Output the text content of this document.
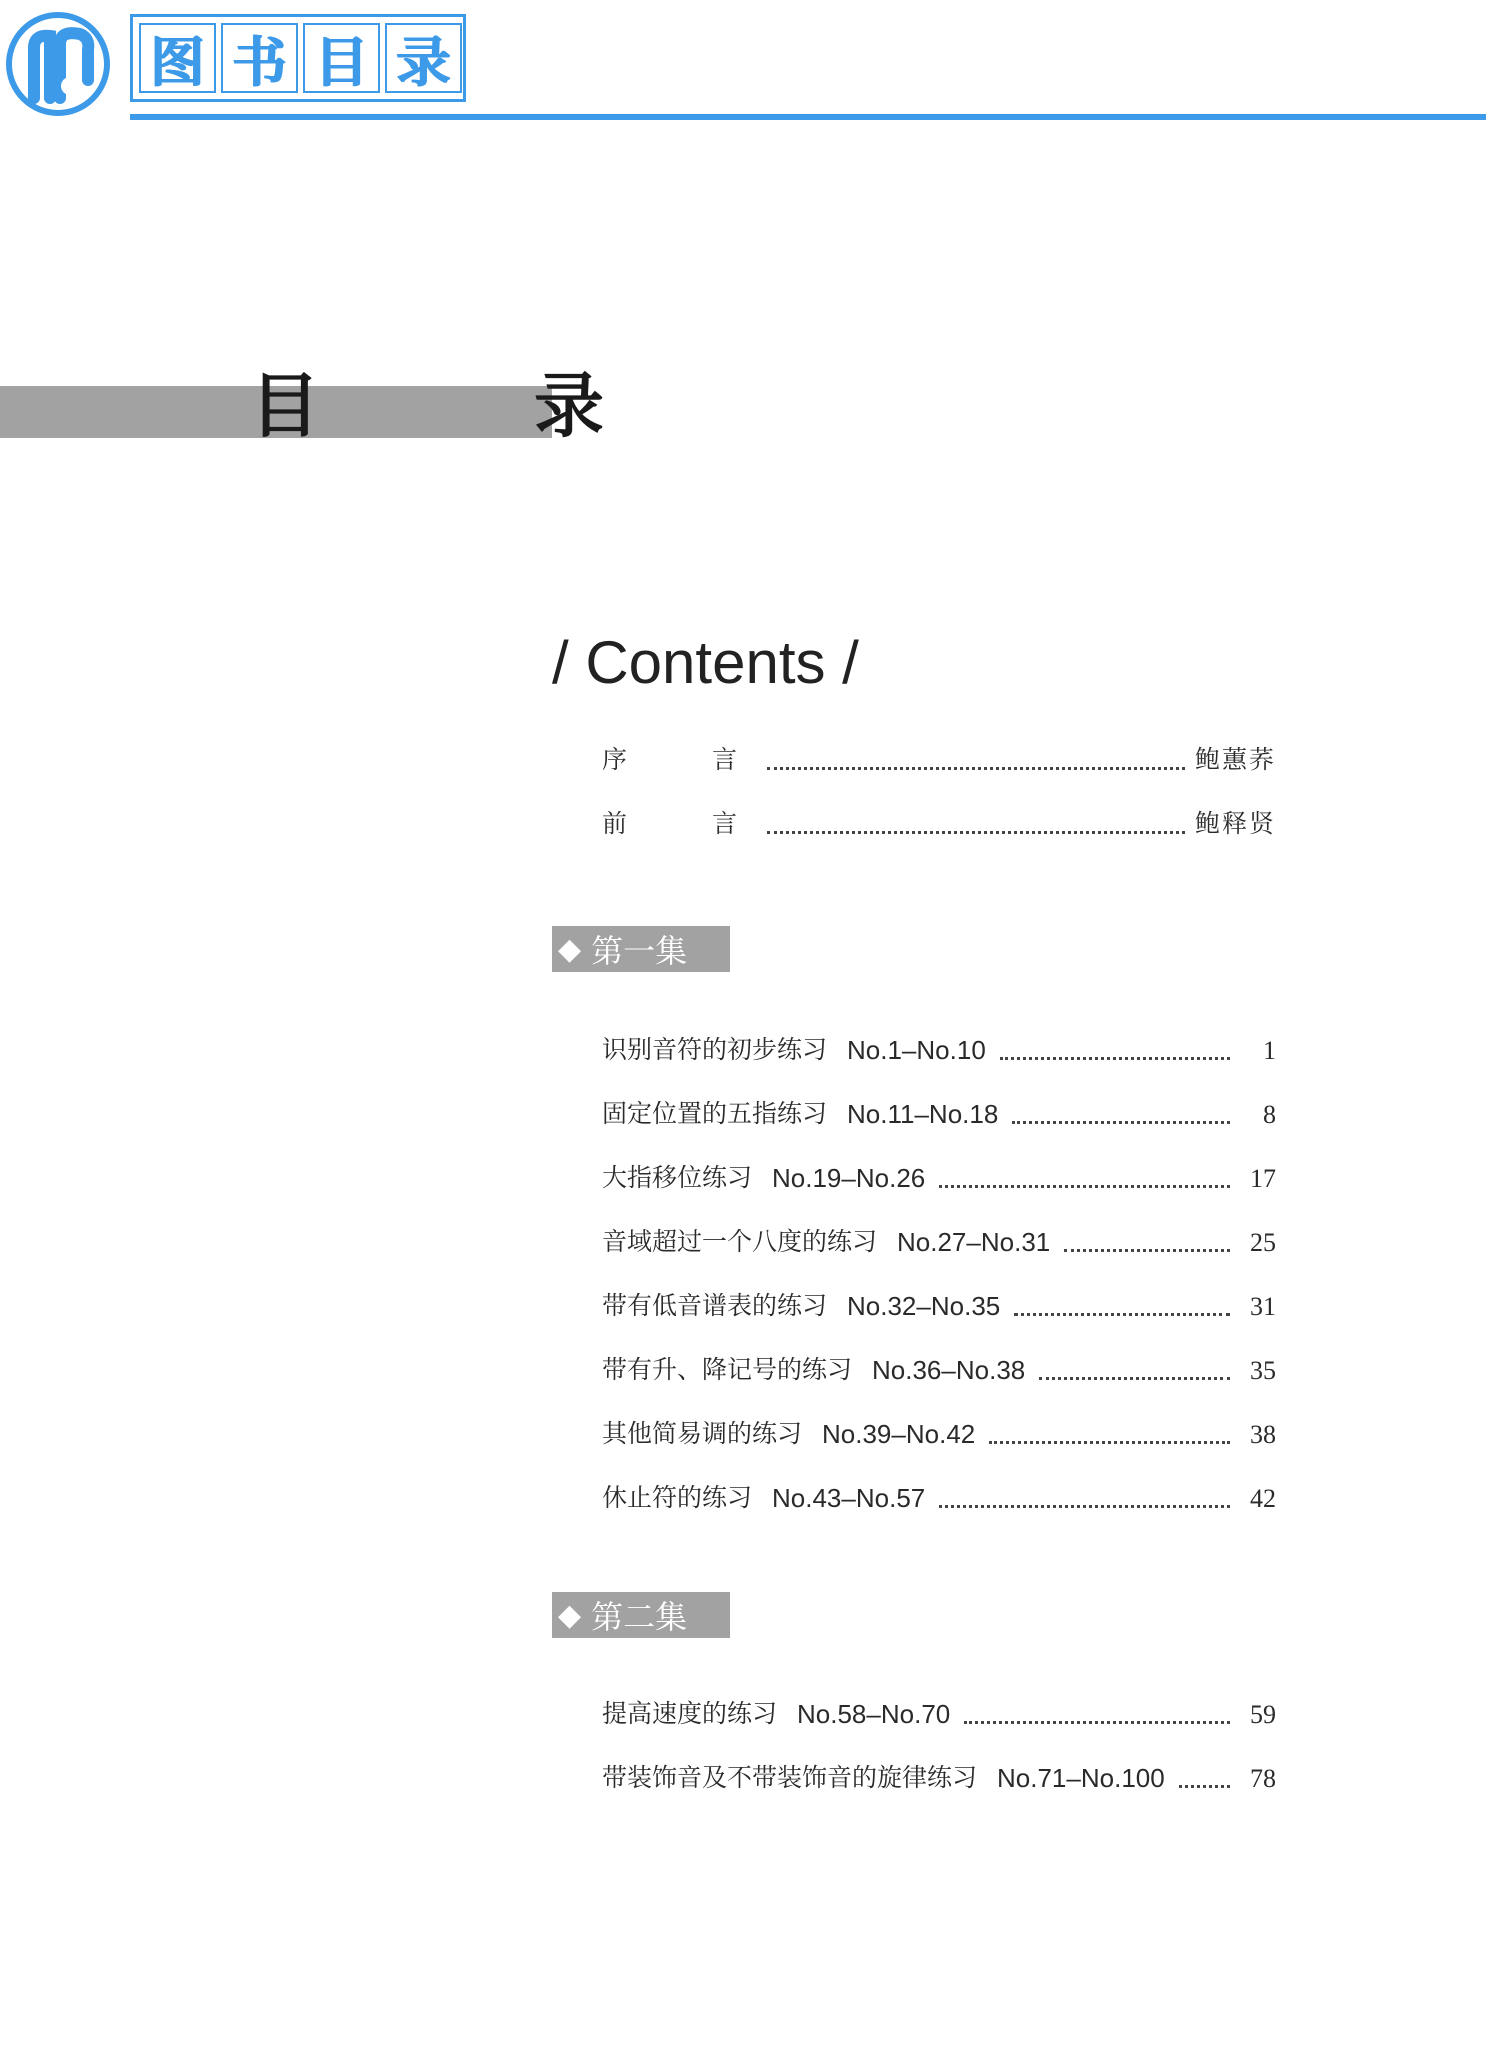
图 书 目 录
目　录
/ Contents /
序　言	鲍蕙荞
前　言	鲍释贤
◆ 第一集
识别音符的初步练习 No.1–No.10	1
固定位置的五指练习 No.11–No.18	8
大指移位练习 No.19–No.26	17
音域超过一个八度的练习 No.27–No.31	25
带有低音谱表的练习 No.32–No.35	31
带有升、降记号的练习 No.36–No.38	35
其他简易调的练习 No.39–No.42	38
休止符的练习 No.43–No.57	42
◆ 第二集
提高速度的练习 No.58–No.70	59
带装饰音及不带装饰音的旋律练习 No.71–No.100	78
